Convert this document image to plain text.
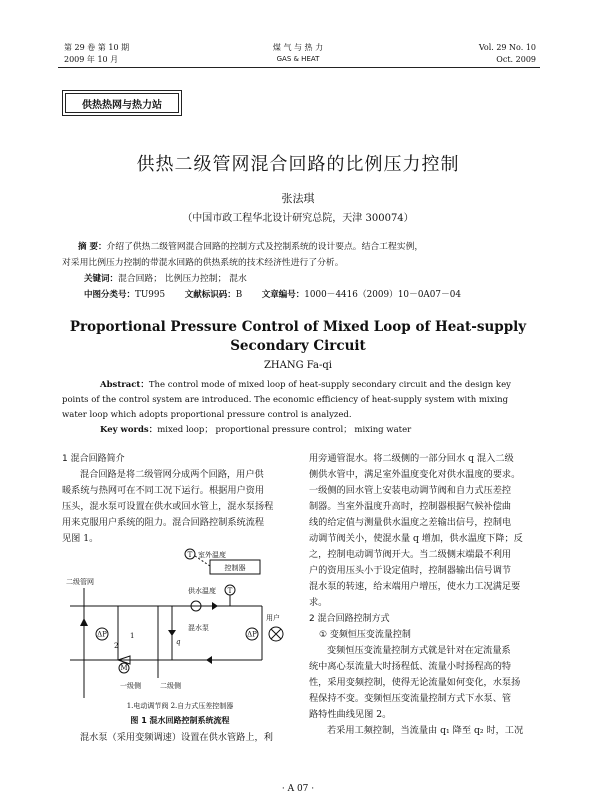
第 29 卷 第 10 期
2009 年 10 月
煤 气 与 热 力
GAS & HEAT
Vol. 29 No. 10
Oct. 2009
供热热网与热力站
供热二级管网混合回路的比例压力控制
张法琪
（中国市政工程华北设计研究总院，天津 300074）
摘 要：介绍了供热二级管网混合回路的控制方式及控制系统的设计要点。结合工程实例，
对采用比例压力控制的带混水回路的供热系统的技术经济性进行了分析。
关键词：混合回路； 比例压力控制； 混水
中图分类号：TU995 文献标识码：B 文章编号：1000－4416（2009）10－0A07－04
Proportional Pressure Control of Mixed Loop of Heat-supply
Secondary Circuit
ZHANG Fa-qi
Abstract：The control mode of mixed loop of heat-supply secondary circuit and the design key
points of the control system are introduced. The economic efficiency of heat-supply system with mixing
water loop which adopts proportional pressure control is analyzed.
Key words：mixed loop； proportional pressure control； mixing water

1 混合回路简介

混合回路是将二级管网分成两个回路，用户供

暖系统与热网可在不同工况下运行。根据用户资用

压头，混水泵可设置在供水或回水管上，混水泵扬程

用来克服用户系统的阻力。混合回路控制系统流程

见图 1。

控制器
T 室外温度
T
供水温度
二级管网
混水泵
用户
一级侧	二级侧
1
2	q
ΔP	ΔP
M
1.电动调节阀 2.自力式压差控制器
图 1 混水回路控制系统流程

混水泵（采用变频调速）设置在供水管路上，利

用旁通管混水。将二级侧的一部分回水 q 混入二级

侧供水管中，满足室外温度变化对供水温度的要求。

一级侧的回水管上安装电动调节阀和自力式压差控

制器。当室外温度升高时，控制器根据气候补偿曲

线的给定值与测量供水温度之差输出信号，控制电

动调节阀关小，使混水量 q 增加，供水温度下降；反

之，控制电动调节阀开大。当二级侧末端最不利用

户的资用压头小于设定值时，控制器输出信号调节

混水泵的转速，给末端用户增压，使水力工况满足要

求。

2 混合回路控制方式

① 变频恒压变流量控制

变频恒压变流量控制方式就是针对在定流量系

统中离心泵流量大时扬程低、流量小时扬程高的特

性，采用变频控制，使得无论流量如何变化，水泵扬

程保持不变。变频恒压变流量控制方式下水泵、管

路特性曲线见图 2。

若采用工频控制，当流量由 q₁ 降至 q₂ 时，工况

· A 07 ·
